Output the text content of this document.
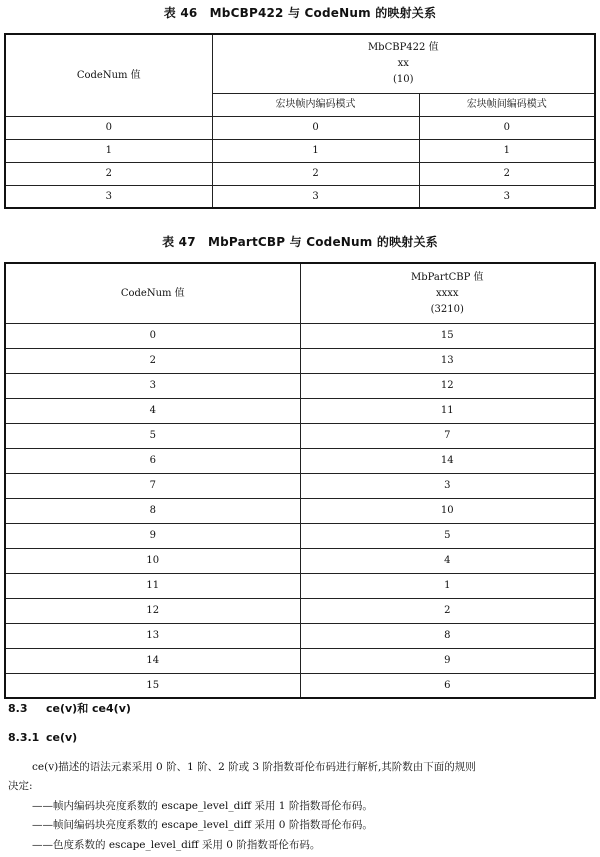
表 46　MbCBP422 与 CodeNum 的映射关系
CodeNum 值	MbCBP422 值
xx
(10)	

	宏块帧内编码模式	宏块帧间编码模式
0	0	0
1	1	1
2	2	2
3	3	3
表 47　MbPartCBP 与 CodeNum 的映射关系
CodeNum 值	MbPartCBP 值
xxxx
(3210)

0	15
2	13
3	12
4	11
5	7
6	14
7	3
8	10
9	5
10	4
11	1
12	2
13	8
14	9
15	6
8.3 ce(v)和 ce4(v)
8.3.1 ce(v)
ce(v)描述的语法元素采用 0 阶、1 阶、2 阶或 3 阶指数哥伦布码进行解析,其阶数由下面的规则
决定:
——帧内编码块亮度系数的 escape_level_diff 采用 1 阶指数哥伦布码。
——帧间编码块亮度系数的 escape_level_diff 采用 0 阶指数哥伦布码。
——色度系数的 escape_level_diff 采用 0 阶指数哥伦布码。
